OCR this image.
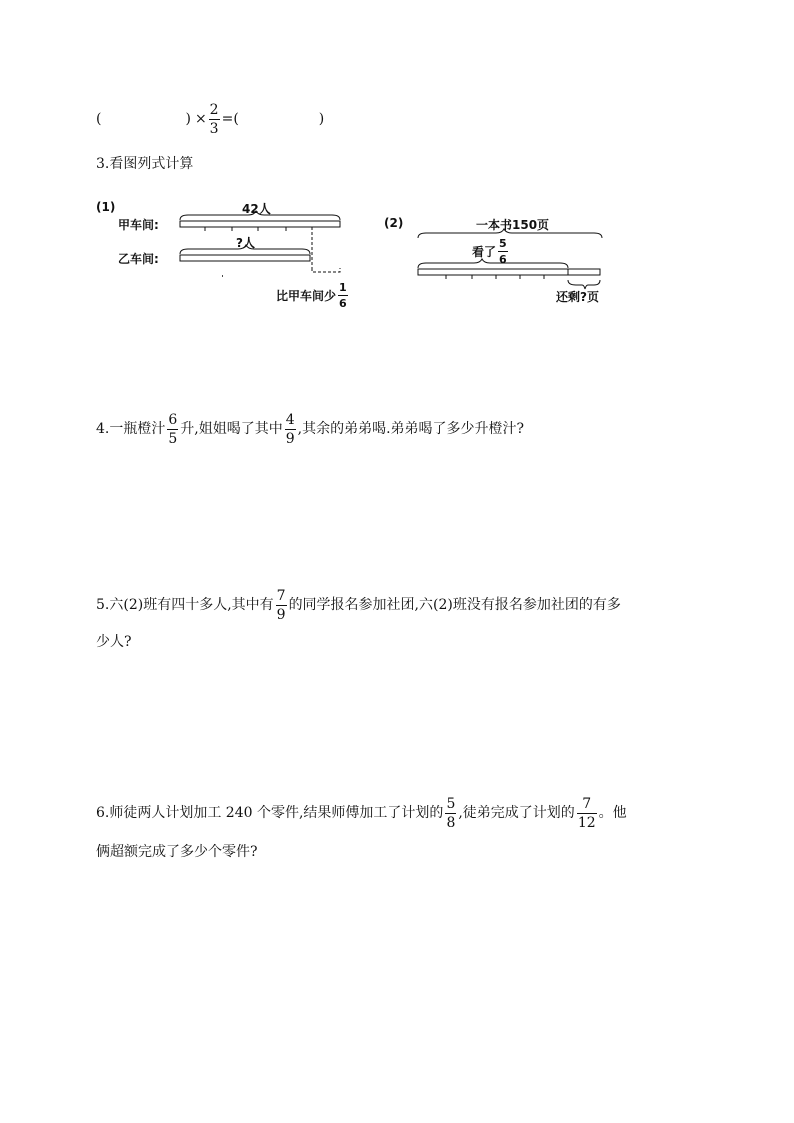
(	) × $\frac{2}{3}$ =(	)
3.看图列式计算
(1)
甲车间:
42人
乙车间:
?人
比甲车间少 $\frac{1}{6}$
(2)	一本书150页
看了 $\frac{5}{6}$
还剩?页
4.一瓶橙汁 $\frac{6}{5}$ 升,姐姐喝了其中 $\frac{4}{9}$ ,其余的弟弟喝.弟弟喝了多少升橙汁?
5.六(2)班有四十多人,其中有 $\frac{7}{9}$ 的同学报名参加社团,六(2)班没有报名参加社团的有多
少人?
6.师徒两人计划加工 240 个零件,结果师傅加工了计划的 $\frac{5}{8}$ ,徒弟完成了计划的 $\frac{7}{12}$ 。他
俩超额完成了多少个零件?
